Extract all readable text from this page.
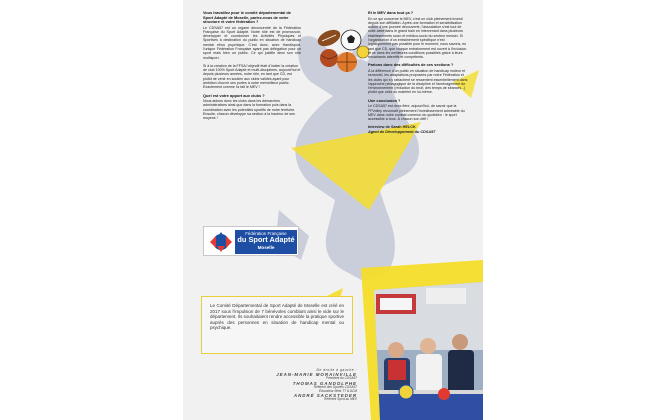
Vous travaillez pour le comité départemental de Sport Adapté de Moselle, parlez-nous de votre structure et votre fédération ?
Le CDSA57 est un organe déconcentré de la Fédération Française du Sport Adapté. Notre rôle est de promouvoir, développer et coordonner les Activités Physiques et Sportives à destination du public en situation de handicap mental et/ou psychique. C'est donc, avec Handisport, l'unique Fédération Française ayant pas délégation pour un sport mais bien un public. Ce qui justifie ainsi son rôle multisport.
Si à la création de la FFSA l'objectif était d'inciter la création de club 100% Sport Adapté et multi-disciplines, aujourd'hui et depuis plusieurs années, notre rôle, en tant que CD, est plutôt de venir en soutien aux clubs valides ayant pour ambition d'ouvrir ses portes à notre merveilleux public. Exactement comme l'a fait le MEV !
Quel est votre apport aux clubs ?
Nous aidons donc les clubs dans les démarches administratives ainsi que dans la formation puis dans la coordination avec les potentiels sportifs de notre territoire. Ensuite, chacun développe sa section à la hauteur de ses moyens !
Fédération Française
du Sport Adapté
Moselle
Et le MEV dans tout ça ?
En ce qui concerne le MEV, c'est un club pleinement investi depuis son affiliation. Après une formation et sensibilisation autour d'une journée découverte, l'association s'est tout de suite axée dans le grand bain en intervenant dans plusieurs établissements socio et médico-socio du secteur messin. Si l'organisation d'un entraînement spécifique n'est logistiquement pas possible pour le moment, nous savons, en tant que CD, que chaque entraînement est ouvert à l'inclusion et ce dans les meilleures conditions possibles grâce à leurs encadrants attentifs et compétents.
Parlons donc des difficultés de ces sections ?
À la différence d'un public en situation de handicap moteur et sensoriel, les adaptations proposées par notre Fédération et les clubs qui s'y rattachent se ressentent essentiellement dans l'approche pédagogique de la discipline et l'aménagement de l'environnement (réduction du bruit, des temps de séances...) plutôt que celui du matériel en lui-même.
Une conclusion ?
Le CDSA57 est donc fière, aujourd'hui, de savoir que la FFVolley reconnaît pleinement l'investissement admirable du MEV dans notre combat commun du quotidien : le sport accessible à tous. À chacun son défi !
Interview de Sarah HELCK
Agent de Développement du CDSA57
Le Comité Départemental de Sport Adapté de Moselle est créé en 2017 sous l'impulsion de 7 bénévoles comblant ainsi le vide sur le département. Ils souhaitaient rendre accessible la pratique sportive auprès des personnes en situation de handicap mental ou psychique.
De droite à gauche :
JEAN-MARIE MORAINVILLE
Président du CDSA57
THOMAS GANDOLPHE
Référent des Sportifs CDSA57
Éducateur Metz TT & ACM
ANDRÉ SACKSTEDER
Référent Sport au MEV
